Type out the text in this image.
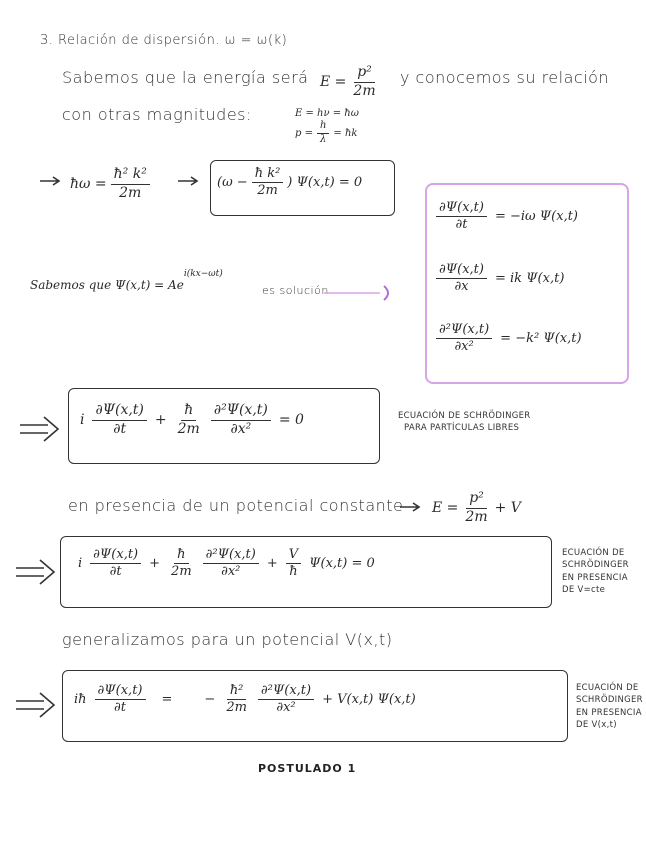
3. Relación de dispersión. ω = ω(k)
Sabemos que la energía será $E = \frac{\text{p²}}{2m}$ y conocemos su relación
con otras magnitudes:	E = hν = ħω
$p = \frac{h}{\lambda}$ = ħk
ħω = $\frac{\text{ħ² k²}}{2m}$	($\omega - \frac{\text{ħ k²}}{2m}$ ) Ψ(x,t) = 0
$\frac{\partial\Psi(x,t)}{\partial t} = -i\omega$ Ψ(x,t)
$\frac{\partial\Psi(x,t)}{\partial x}$ = ik Ψ(x,t)
$\frac{\text{∂²Ψ(x,t)}}{\text{∂x²}} = -k^2$ Ψ(x,t)
Sabemos que $\Psi(x,t) = Ae^{i(kx-\omega t)}$
es solución
i $\frac{\partial\Psi(x,t)}{\partial t} + \frac{ħ}{2m} \frac{\text{∂²Ψ(x,t)}}{\text{∂x²}} = 0$	ECUACIÓN DE SCHRÖDINGER
PARA PARTÍCULAS LIBRES
en presencia de un potencial constante $E = \frac{\text{p²}}{2m} + V$
i $\frac{\partial\Psi(x,t)}{\partial t} + \frac{ħ}{2m} \frac{\text{∂²Ψ(x,t)}}{\text{∂x²}} + \frac{V}{ħ} \Psi(x,t) = 0$
ECUACIÓN DE
SCHRÖDINGER
EN PRESENCIA
DE V=cte
generalizamos para un potencial V(x,t)
iħ $\frac{\partial\Psi(x,t)}{\partial t}$ = − $\frac{\text{ħ²}}{2m} \frac{\text{∂²Ψ(x,t)}}{\text{∂x²}} + V(x,t)$ Ψ(x,t)
ECUACIÓN DE
SCHRÖDINGER
EN PRESENCIA
DE V(x,t)
POSTULADO 1
